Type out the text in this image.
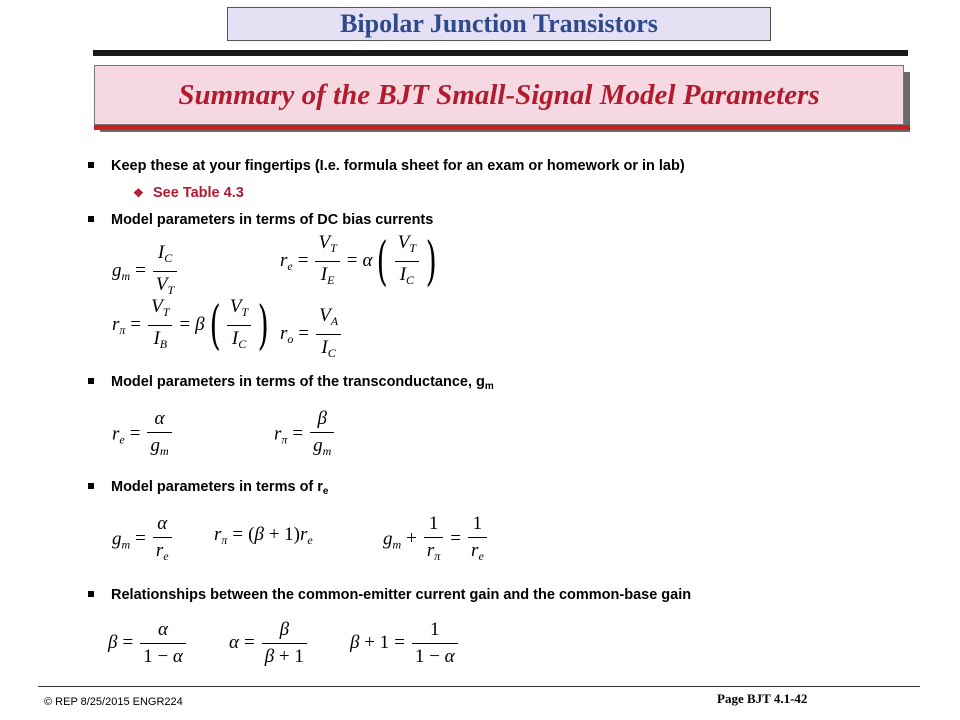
Bipolar Junction Transistors
Summary of the BJT Small-Signal Model Parameters
Keep these at your fingertips (I.e. formula sheet for an exam or homework or in lab)
❖ See Table 4.3
Model parameters in terms of DC bias currents
$g_m = \frac{I_C}{V_T}$	$r_e = \frac{V_T}{I_E} = \alpha( \frac{V_T}{I_C}$ )
$r_\pi = \frac{V_T}{I_B} = \beta( \frac{V_T}{I_C}$ ) $r_o = \frac{V_A}{I_C}$
Model parameters in terms of the transconductance, $g_m$
$r_e = \frac{\alpha}{g_m}$	$r_\pi = \frac{\beta}{g_m}$
Model parameters in terms of $r_e$
$g_m = \frac{\alpha}{r_e} r_\pi = (\beta + 1)r_e$	$g_m + \frac{1}{r_\pi} = \frac{1}{r_e}$
Relationships between the common-emitter current gain and the common-base gain
$\beta = \frac{\alpha}{1 - \alpha}$ $\alpha = \frac{\beta}{\beta + 1}$ $\beta + 1 = \frac{1}{1 - \alpha}$
© REP 8/25/2015 ENGR224	Page BJT 4.1-42
